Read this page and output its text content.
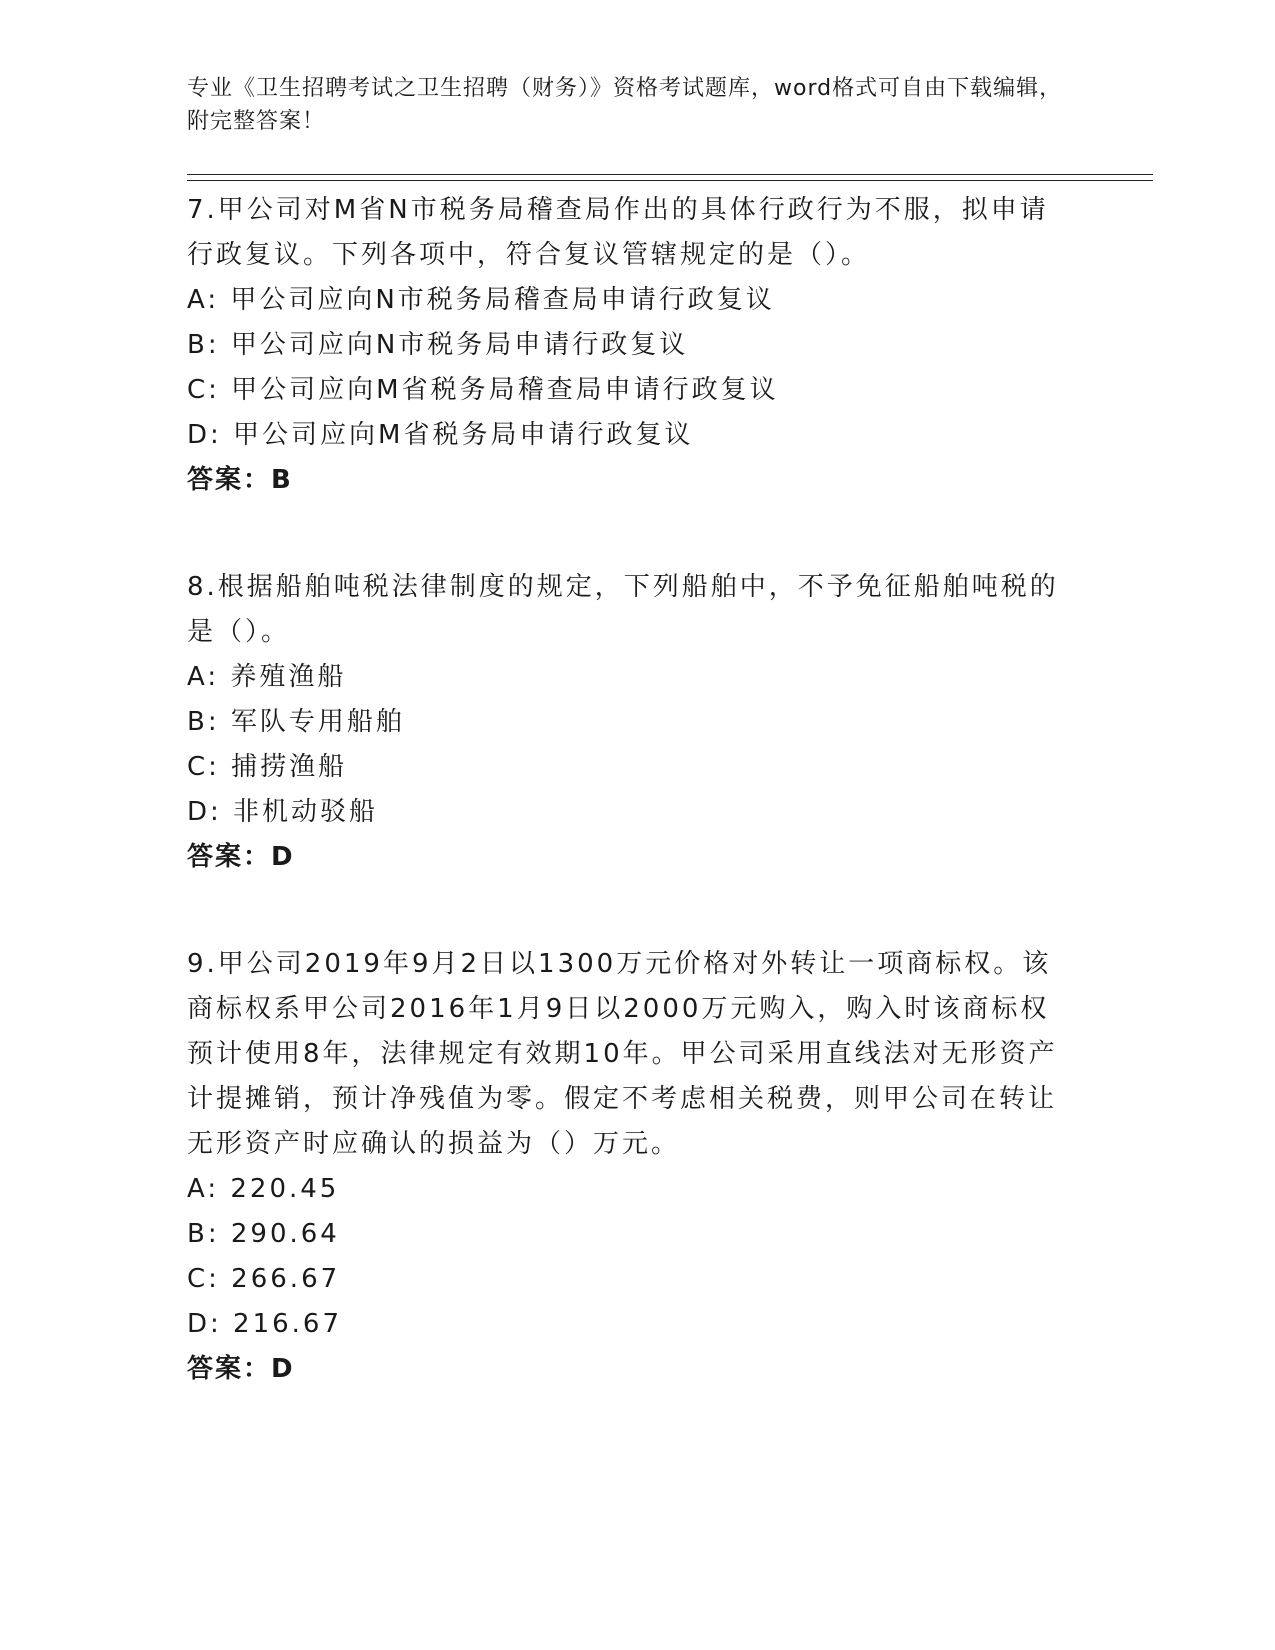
专业《卫生招聘考试之卫生招聘（财务）》资格考试题库，word格式可自由下载编辑，附完整答案！
7.甲公司对M省N市税务局稽查局作出的具体行政行为不服，拟申请行政复议。下列各项中，符合复议管辖规定的是（）。
A: 甲公司应向N市税务局稽查局申请行政复议
B: 甲公司应向N市税务局申请行政复议
C: 甲公司应向M省税务局稽查局申请行政复议
D: 甲公司应向M省税务局申请行政复议
答案：B
8.根据船舶吨税法律制度的规定，下列船舶中，不予免征船舶吨税的是（）。
A: 养殖渔船
B: 军队专用船舶
C: 捕捞渔船
D: 非机动驳船
答案：D
9.甲公司2019年9月2日以1300万元价格对外转让一项商标权。该商标权系甲公司2016年1月9日以2000万元购入，购入时该商标权预计使用8年，法律规定有效期10年。甲公司采用直线法对无形资产计提摊销，预计净残值为零。假定不考虑相关税费，则甲公司在转让无形资产时应确认的损益为（）万元。
A: 220.45
B: 290.64
C: 266.67
D: 216.67
答案：D
